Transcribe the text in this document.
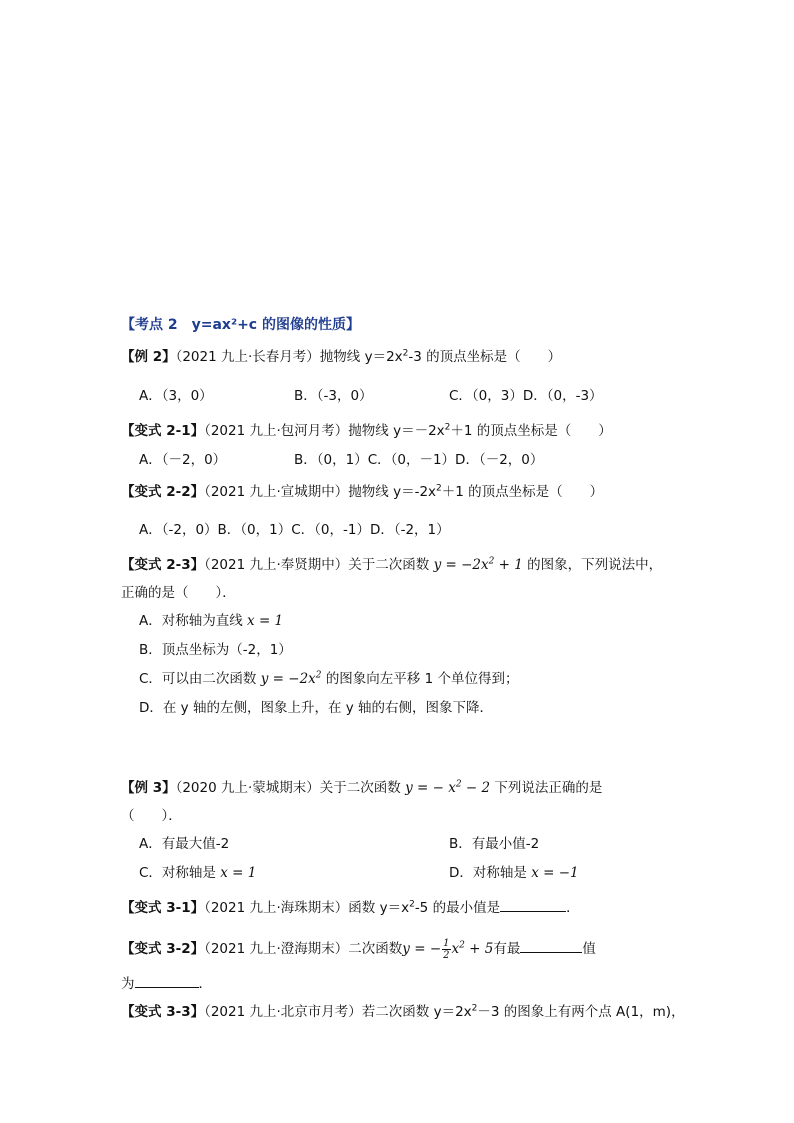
【考点 2　y=ax²+c 的图像的性质】
【例 2】（2021 九上·长春月考）抛物线 $y=2x^2-3$ 的顶点坐标是（　　）
A．（3，0）	B．（-3，0）	C．（0，3）D．（0，-3）
【变式 2-1】（2021 九上·包河月考）抛物线 $y=-2x^2+1$ 的顶点坐标是（　　）
A．（－2，0）	B．（0，1）C．（0，－1）D．（－2，0）
【变式 2-2】（2021 九上·宣城期中）抛物线 $y=-2x^2+1$ 的顶点坐标是（　　）
A．（-2，0）B．（0，1）C．（0，-1）D．（-2，1）
【变式 2-3】（2021 九上·奉贤期中）关于二次函数 $y = -2x^2 + 1$ 的图象，下列说法中，
正确的是（　　）．
A．对称轴为直线 x = 1
B．顶点坐标为（-2，1）
C．可以由二次函数 $y = -2x^2$ 的图象向左平移 1 个单位得到；
D．在 y 轴的左侧，图象上升，在 y 轴的右侧，图象下降．
【例 3】（2020 九上·蒙城期末）关于二次函数 y = − $x^2 - 2$ 下列说法正确的是
（　　）．
A．有最大值-2	B．有最小值-2
C．对称轴是 x = 1	D．对称轴是 x = −1
【变式 3-1】（2021 九上·海珠期末）函数 $y=x^2-5$ 的最小值是	．
【变式 3-2】（2021 九上·澄海期末）二次函数y = − $\frac{1}{2} x^2 + 5$有最	值
为	．
【变式 3-3】（2021 九上·北京市月考）若二次函数 $y=2x^2-3$ 的图象上有两个点 A(1，m)，
